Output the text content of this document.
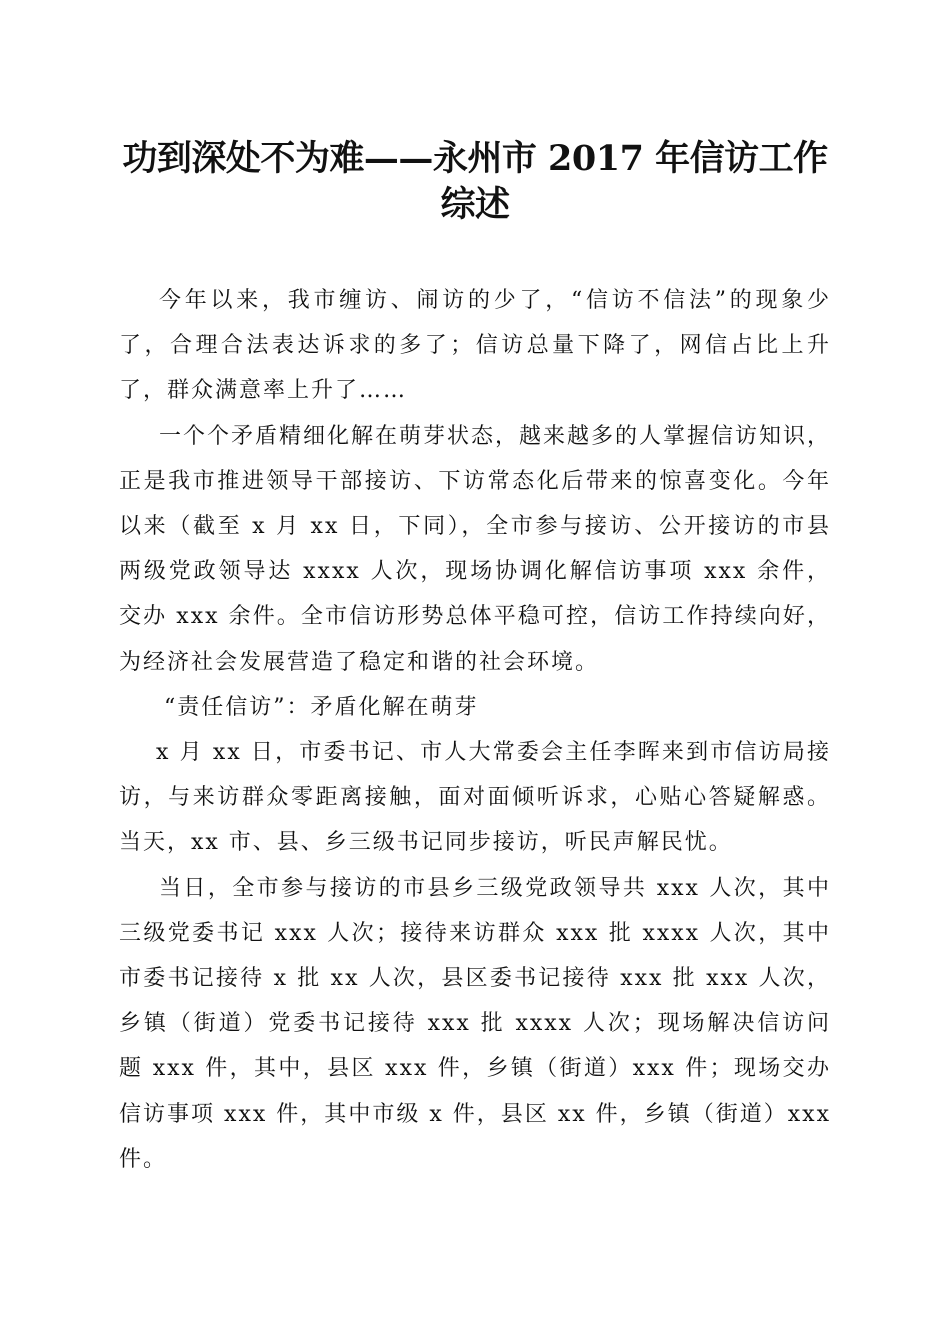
功到深处不为难——永州市 2017 年信访工作
综述

今年以来，我市缠访、闹访的少了，“信访不信法”的现象少了，合理合法表达诉求的多了；信访总量下降了，网信占比上升了，群众满意率上升了……

一个个矛盾精细化解在萌芽状态，越来越多的人掌握信访知识，正是我市推进领导干部接访、下访常态化后带来的惊喜变化。今年以来（截至 x 月 xx 日，下同），全市参与接访、公开接访的市县两级党政领导达 xxxx 人次，现场协调化解信访事项 xxx 余件，交办 xxx 余件。全市信访形势总体平稳可控，信访工作持续向好，为经济社会发展营造了稳定和谐的社会环境。

“责任信访”：矛盾化解在萌芽

x 月 xx 日，市委书记、市人大常委会主任李晖来到市信访局接访，与来访群众零距离接触，面对面倾听诉求，心贴心答疑解惑。当天，xx 市、县、乡三级书记同步接访，听民声解民忧。

当日，全市参与接访的市县乡三级党政领导共 xxx 人次，其中三级党委书记 xxx 人次；接待来访群众 xxx 批 xxxx 人次，其中市委书记接待 x 批 xx 人次，县区委书记接待 xxx 批 xxx 人次，乡镇（街道）党委书记接待 xxx 批 xxxx 人次；现场解决信访问题 xxx 件，其中，县区 xxx 件，乡镇（街道）xxx 件；现场交办信访事项 xxx 件，其中市级 x 件，县区 xx 件，乡镇（街道）xxx 件。
